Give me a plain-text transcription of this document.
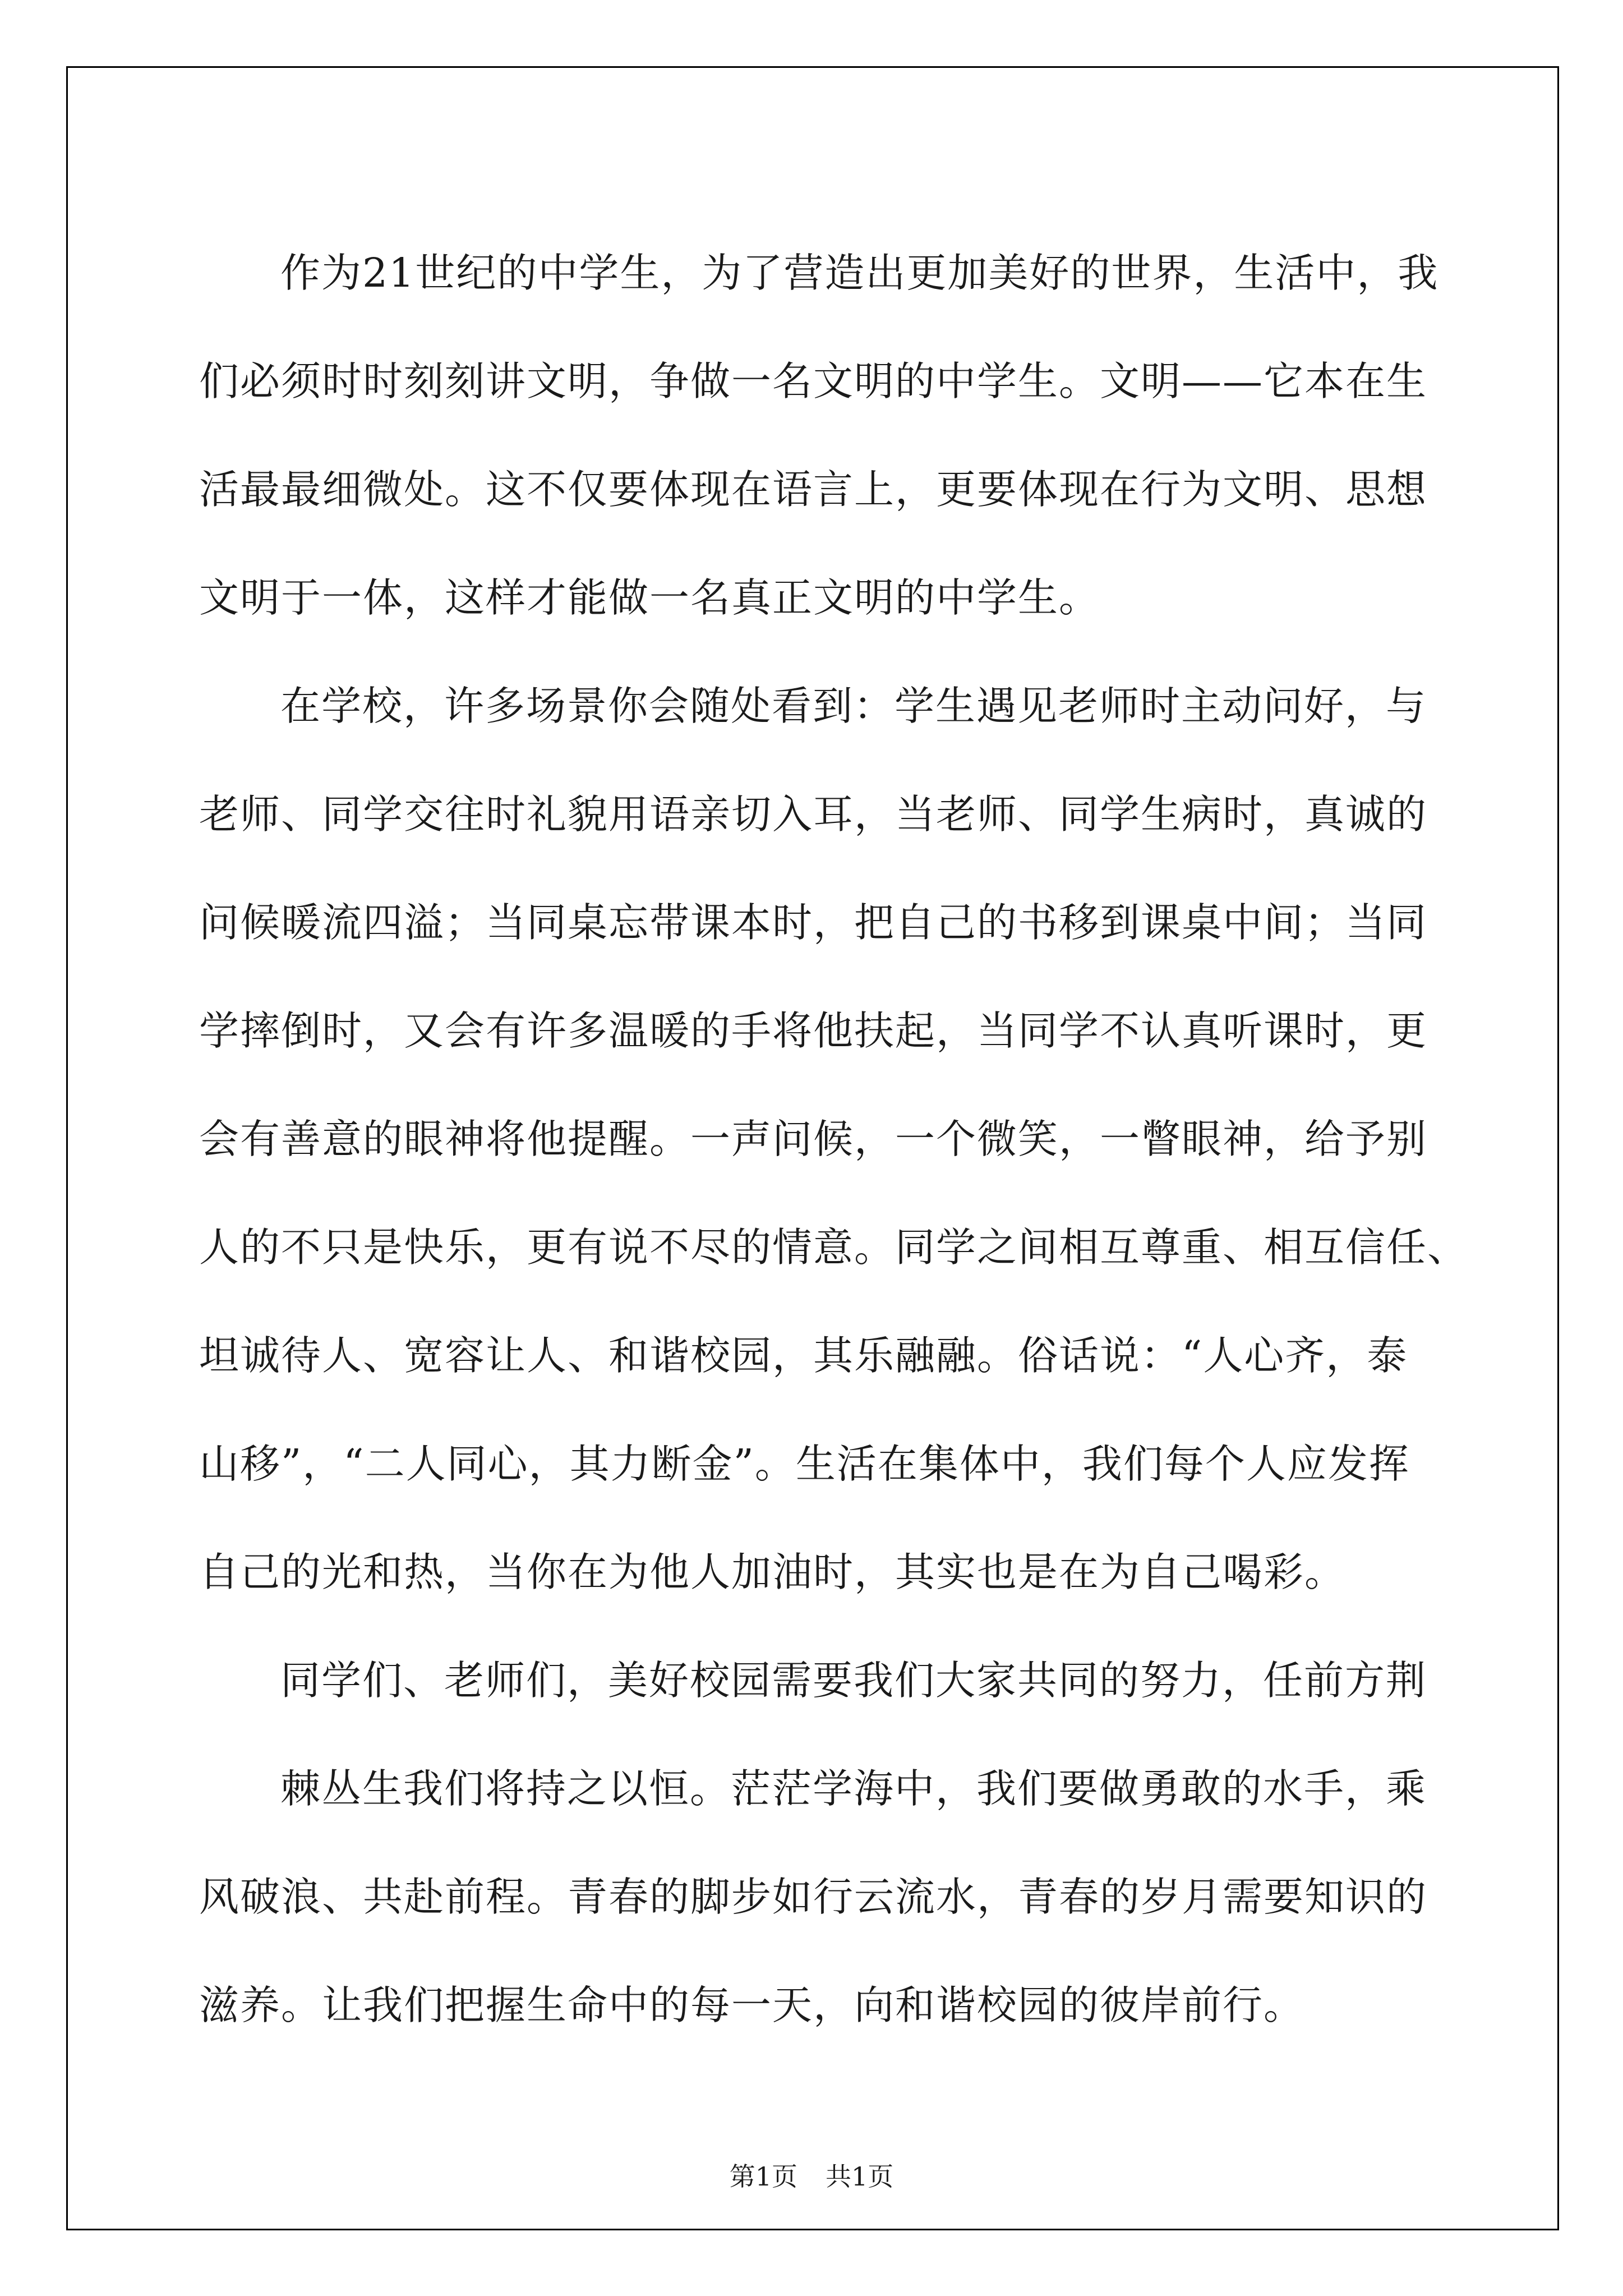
作为21世纪的中学生，为了营造出更加美好的世界，生活中，我
们必须时时刻刻讲文明，争做一名文明的中学生。文明——它本在生
活最最细微处。这不仅要体现在语言上，更要体现在行为文明、思想
文明于一体，这样才能做一名真正文明的中学生。
在学校，许多场景你会随处看到：学生遇见老师时主动问好，与
老师、同学交往时礼貌用语亲切入耳，当老师、同学生病时，真诚的
问候暖流四溢；当同桌忘带课本时，把自己的书移到课桌中间；当同
学摔倒时，又会有许多温暖的手将他扶起，当同学不认真听课时，更
会有善意的眼神将他提醒。一声问候，一个微笑，一瞥眼神，给予别
人的不只是快乐，更有说不尽的情意。同学之间相互尊重、相互信任、
坦诚待人、宽容让人、和谐校园，其乐融融。俗话说：“人心齐，泰
山移”，“二人同心，其力断金”。生活在集体中，我们每个人应发挥
自己的光和热，当你在为他人加油时，其实也是在为自己喝彩。
同学们、老师们，美好校园需要我们大家共同的努力，任前方荆
棘丛生我们将持之以恒。茫茫学海中，我们要做勇敢的水手，乘
风破浪、共赴前程。青春的脚步如行云流水，青春的岁月需要知识的
滋养。让我们把握生命中的每一天，向和谐校园的彼岸前行。
第1页 共1页
